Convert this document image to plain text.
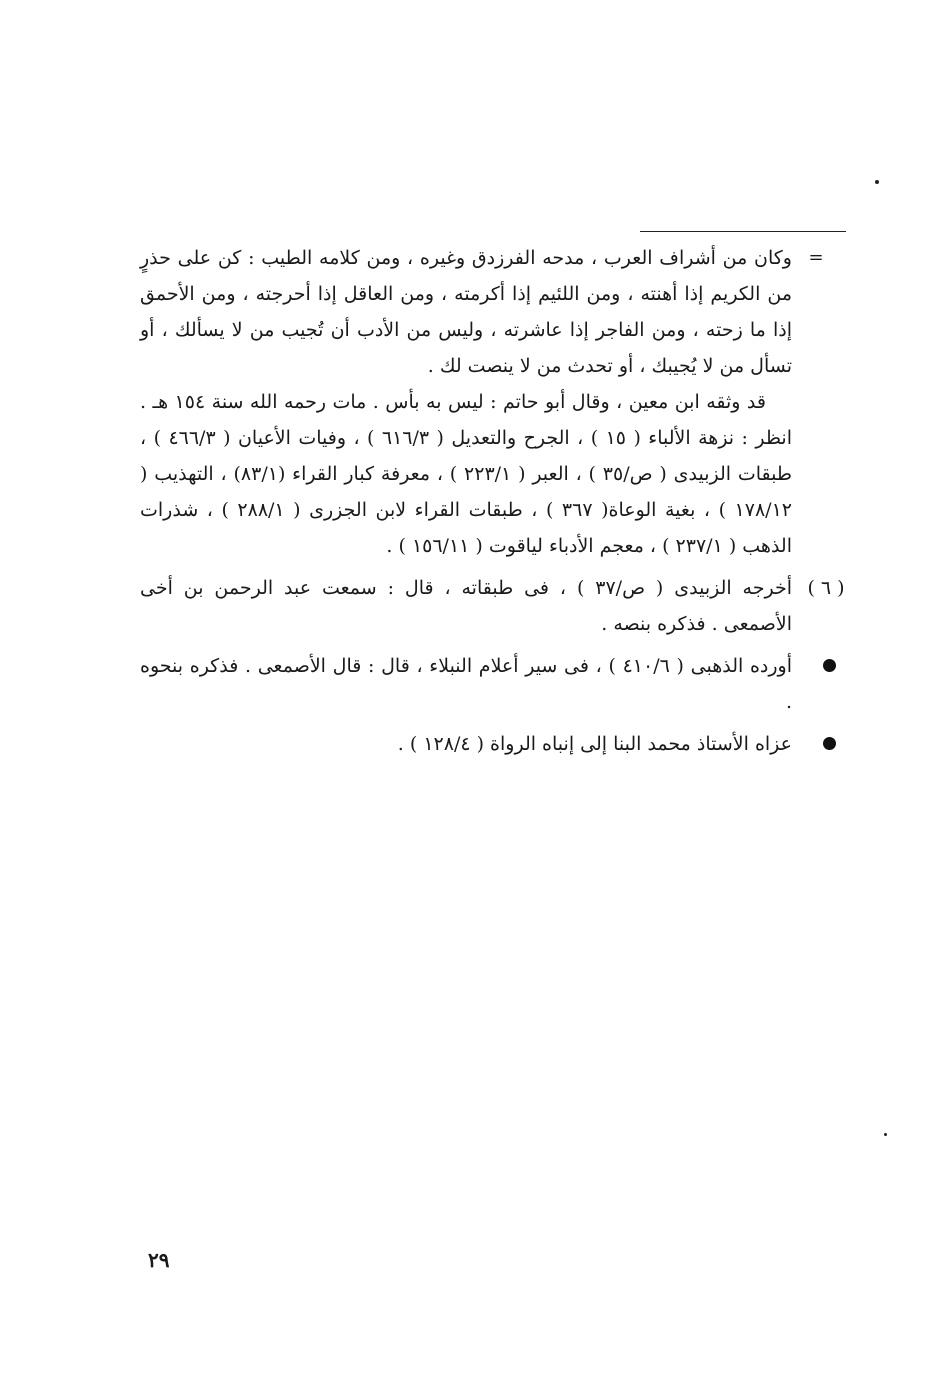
=

وكان من أشراف العرب ، مدحه الفرزدق وغيره ، ومن كلامه الطيب : كن على حذرٍ من الكريم إذا أهنته ، ومن اللئيم إذا أكرمته ، ومن العاقل إذا أحرجته ، ومن الأحمق إذا ما زحته ، ومن الفاجر إذا عاشرته ، وليس من الأدب أن تُجيب من لا يسألك ، أو تسأل من لا يُجيبك ، أو تحدث من لا ينصت لك .

قد وثقه ابن معين ، وقال أبو حاتم : ليس به بأس . مات رحمه الله سنة ١٥٤ هـ . انظر : نزهة الألباء ( ١٥ ) ، الجرح والتعديل ( ٦١٦/٣ ) ، وفيات الأعيان ( ٤٦٦/٣ ) ، طبقات الزبيدى ( ص/٣٥ ) ، العبر ( ٢٢٣/١ ) ، معرفة كبار القراء (٨٣/١) ، التهذيب ( ١٧٨/١٢ ) ، بغية الوعاة( ٣٦٧ ) ، طبقات القراء لابن الجزرى ( ٢٨٨/١ ) ، شذرات الذهب ( ٢٣٧/١ ) ، معجم الأدباء لياقوت ( ١٥٦/١١ ) .

( ٦ )

أخرجه الزبيدى ( ص/٣٧ ) ، فى طبقاته ، قال : سمعت عبد الرحمن بن أخى الأصمعى . فذكره بنصه .

أورده الذهبى ( ٤١٠/٦ ) ، فى سير أعلام النبلاء ، قال : قال الأصمعى . فذكره بنحوه .

عزاه الأستاذ محمد البنا إلى إنباه الرواة ( ١٢٨/٤ ) .

٢٩
